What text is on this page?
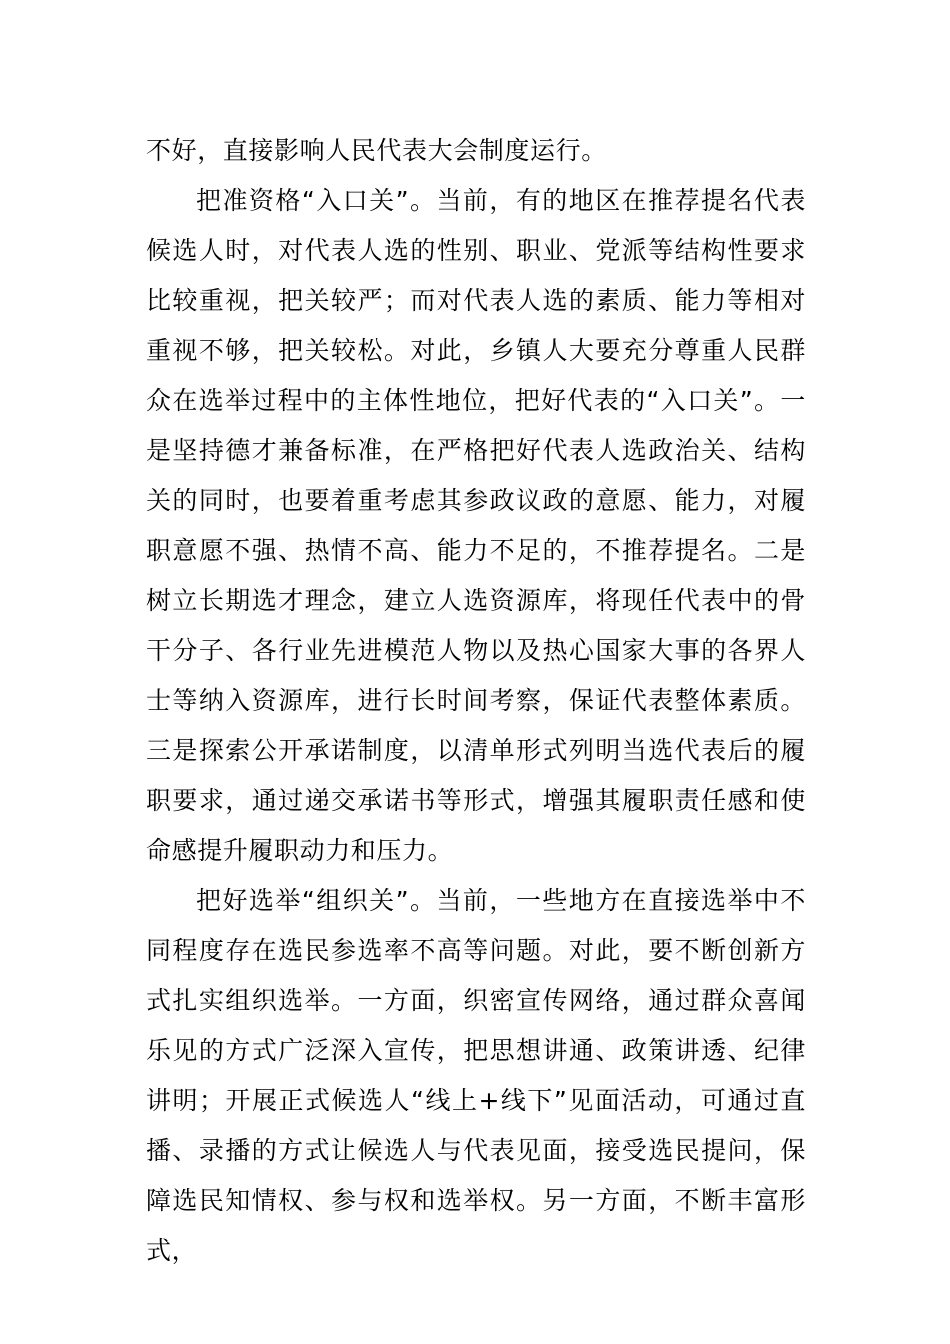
不好，直接影响人民代表大会制度运行。

把准资格“入口关”。当前，有的地区在推荐提名代表候选人时，对代表人选的性别、职业、党派等结构性要求比较重视，把关较严；而对代表人选的素质、能力等相对重视不够，把关较松。对此，乡镇人大要充分尊重人民群众在选举过程中的主体性地位，把好代表的“入口关”。一是坚持德才兼备标准，在严格把好代表人选政治关、结构关的同时，也要着重考虑其参政议政的意愿、能力，对履职意愿不强、热情不高、能力不足的，不推荐提名。二是树立长期选才理念，建立人选资源库，将现任代表中的骨干分子、各行业先进模范人物以及热心国家大事的各界人士等纳入资源库，进行长时间考察，保证代表整体素质。三是探索公开承诺制度，以清单形式列明当选代表后的履职要求，通过递交承诺书等形式，增强其履职责任感和使命感提升履职动力和压力。

把好选举“组织关”。当前，一些地方在直接选举中不同程度存在选民参选率不高等问题。对此，要不断创新方式扎实组织选举。一方面，织密宣传网络，通过群众喜闻乐见的方式广泛深入宣传，把思想讲通、政策讲透、纪律讲明；开展正式候选人“线上+线下”见面活动，可通过直播、录播的方式让候选人与代表见面，接受选民提问，保障选民知情权、参与权和选举权。另一方面，不断丰富形式，
